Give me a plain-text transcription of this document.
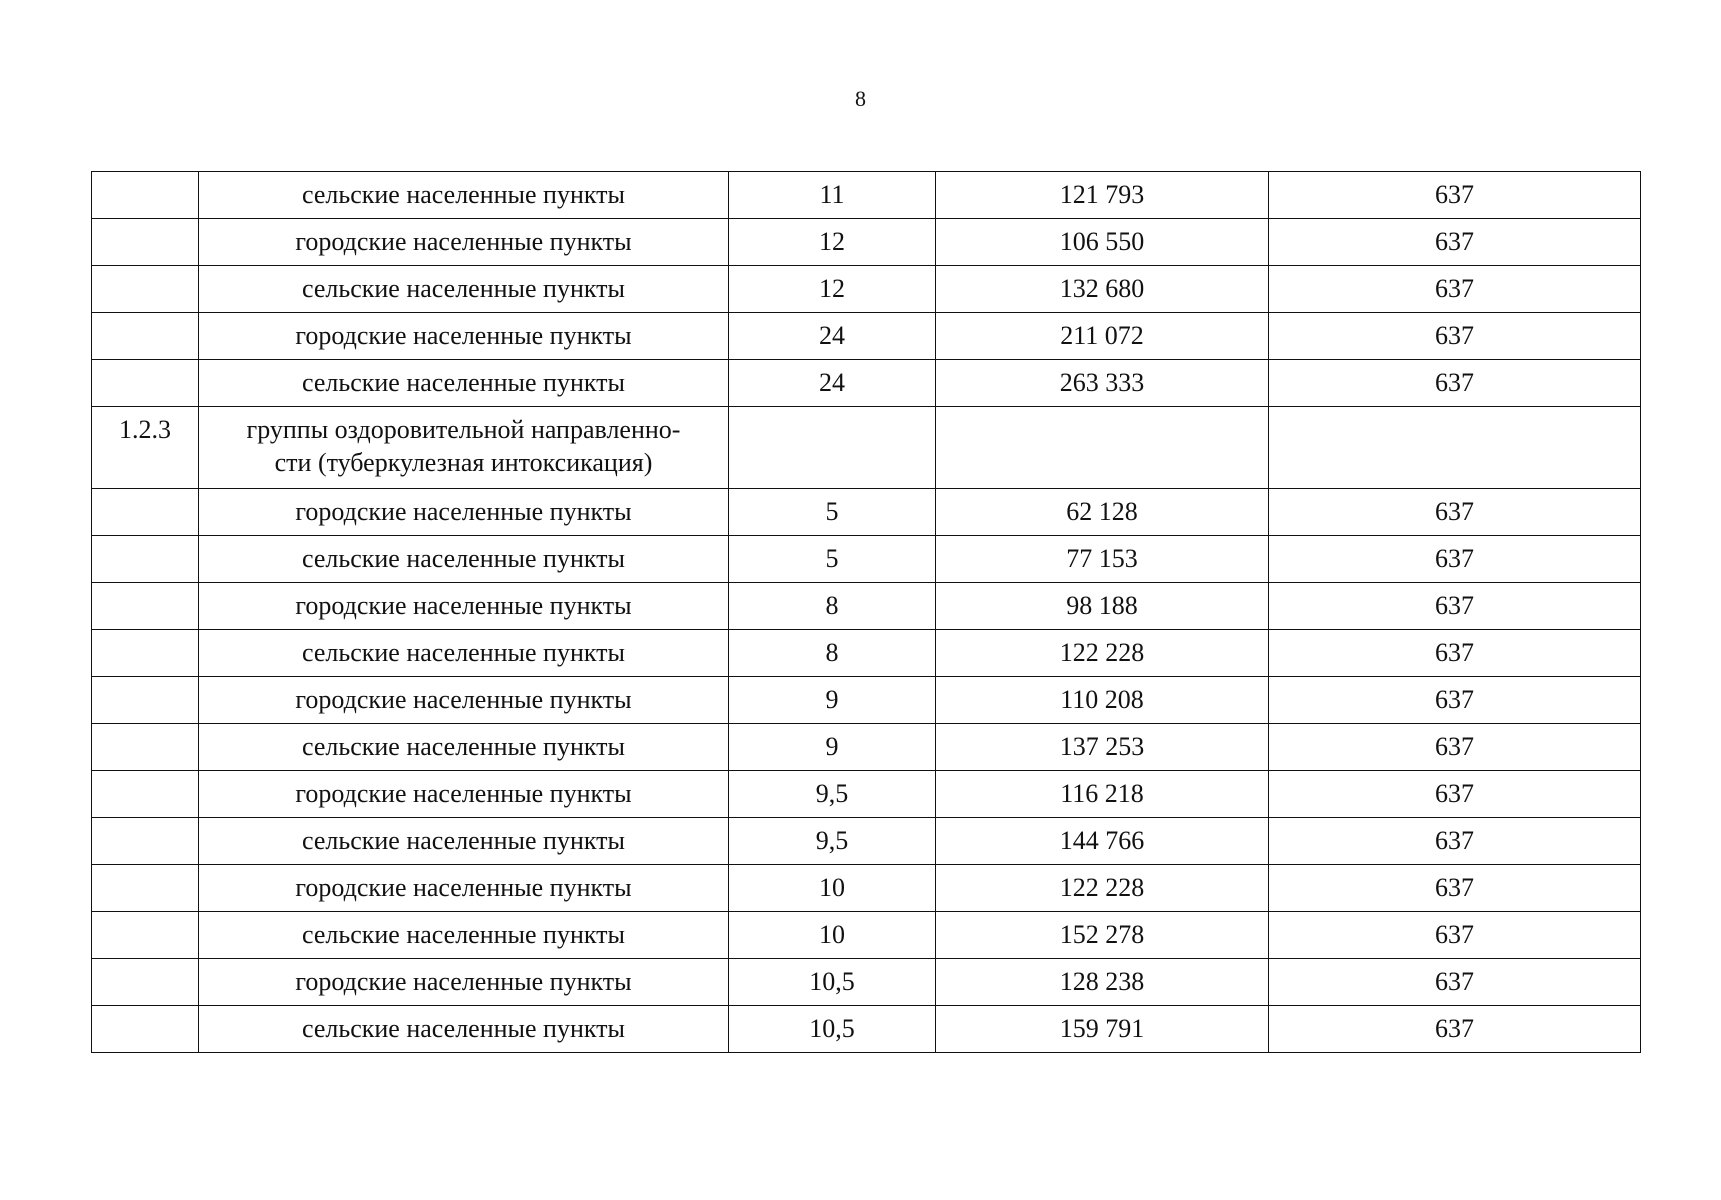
8
	сельские населенные пункты	11	121 793	637
	городские населенные пункты	12	106 550	637
	сельские населенные пункты	12	132 680	637
	городские населенные пункты	24	211 072	637
	сельские населенные пункты	24	263 333	637
1.2.3	группы оздоровительной направленно-
сти (туберкулезная интоксикация)			

	городские населенные пункты	5	62 128	637
	сельские населенные пункты	5	77 153	637
	городские населенные пункты	8	98 188	637
	сельские населенные пункты	8	122 228	637
	городские населенные пункты	9	110 208	637
	сельские населенные пункты	9	137 253	637
	городские населенные пункты	9,5	116 218	637
	сельские населенные пункты	9,5	144 766	637
	городские населенные пункты	10	122 228	637
	сельские населенные пункты	10	152 278	637
	городские населенные пункты	10,5	128 238	637
	сельские населенные пункты	10,5	159 791	637
